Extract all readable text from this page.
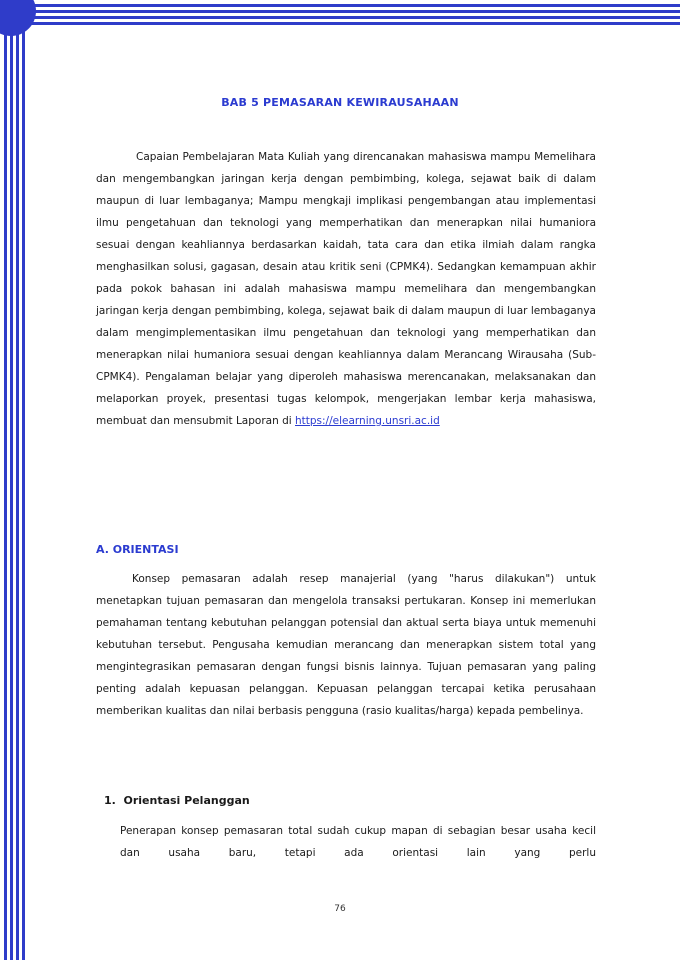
BAB 5 PEMASARAN KEWIRAUSAHAAN
Capaian Pembelajaran Mata Kuliah yang direncanakan mahasiswa mampu Memelihara dan mengembangkan jaringan kerja dengan pembimbing, kolega, sejawat baik di dalam maupun di luar lembaganya; Mampu mengkaji implikasi pengembangan atau implementasi ilmu pengetahuan dan teknologi yang memperhatikan dan menerapkan nilai humaniora sesuai dengan keahliannya berdasarkan kaidah, tata cara dan etika ilmiah dalam rangka menghasilkan solusi, gagasan, desain atau kritik seni (CPMK4). Sedangkan kemampuan akhir pada pokok bahasan ini adalah mahasiswa mampu memelihara dan mengembangkan jaringan kerja dengan pembimbing, kolega, sejawat baik di dalam maupun di luar lembaganya dalam mengimplementasikan ilmu pengetahuan dan teknologi yang memperhatikan dan menerapkan nilai humaniora sesuai dengan keahliannya dalam Merancang Wirausaha (Sub-CPMK4). Pengalaman belajar yang diperoleh mahasiswa merencanakan, melaksanakan dan melaporkan proyek, presentasi tugas kelompok, mengerjakan lembar kerja mahasiswa, membuat dan mensubmit Laporan di https://elearning.unsri.ac.id
A. ORIENTASI
Konsep pemasaran adalah resep manajerial (yang "harus dilakukan") untuk menetapkan tujuan pemasaran dan mengelola transaksi pertukaran. Konsep ini memerlukan pemahaman tentang kebutuhan pelanggan potensial dan aktual serta biaya untuk memenuhi kebutuhan tersebut. Pengusaha kemudian merancang dan menerapkan sistem total yang mengintegrasikan pemasaran dengan fungsi bisnis lainnya. Tujuan pemasaran yang paling penting adalah kepuasan pelanggan. Kepuasan pelanggan tercapai ketika perusahaan memberikan kualitas dan nilai berbasis pengguna (rasio kualitas/harga) kepada pembelinya.
1.  Orientasi Pelanggan
Penerapan konsep pemasaran total sudah cukup mapan di sebagian besar usaha kecil dan usaha baru, tetapi ada orientasi lain yang perlu
76
